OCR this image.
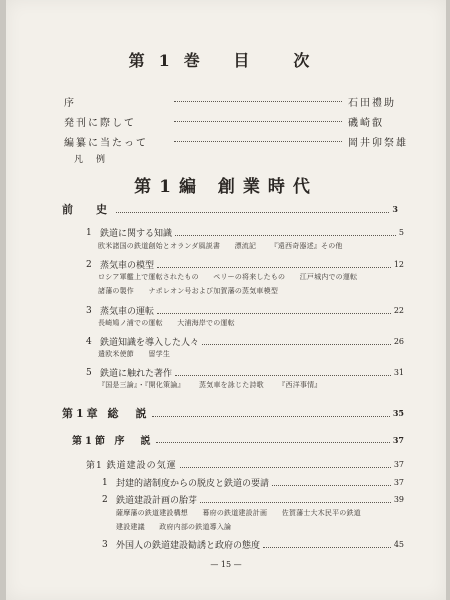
第1巻 目　次
序	石田禮助
発刊に際して	磯崎叡
編纂に当たって	岡井卯祭雄
凡　例
第1編 創業時代
前　史	3
1 鉄道に関する知識	5
欧米諸国の鉄道創始とオランダ風説書 漂流記 『遠西奇器述』その他
2 蒸気車の模型	12
ロシア軍艦上で運転されたもの ペリーの将来したもの 江戸城内での運転
諸藩の製作 ナポレオン号および加賀藩の蒸気車模型
3 蒸気車の運転	22
長崎鳩ノ浦での運転 大浦海岸での運転
4 鉄道知識を導入した人々	26
遣欧米使節 留学生
5 鉄道に触れた著作	31
『国是三論』・『開化策論』 蒸気車を詠じた詩歌 『西洋事情』
第1章 総　説	35
第1節 序　説	37
第1 鉄道建設の気運	37
1 封建的諸制度からの脱皮と鉄道の要請	37
2 鉄道建設計画の胎芽	39
薩摩藩の鉄道建設構想 幕府の鉄道建設計画 佐賀藩士大木民平の鉄道
建設建議 政府内部の鉄道導入論
3 外国人の鉄道建設勧誘と政府の態度	45
— 15 —
